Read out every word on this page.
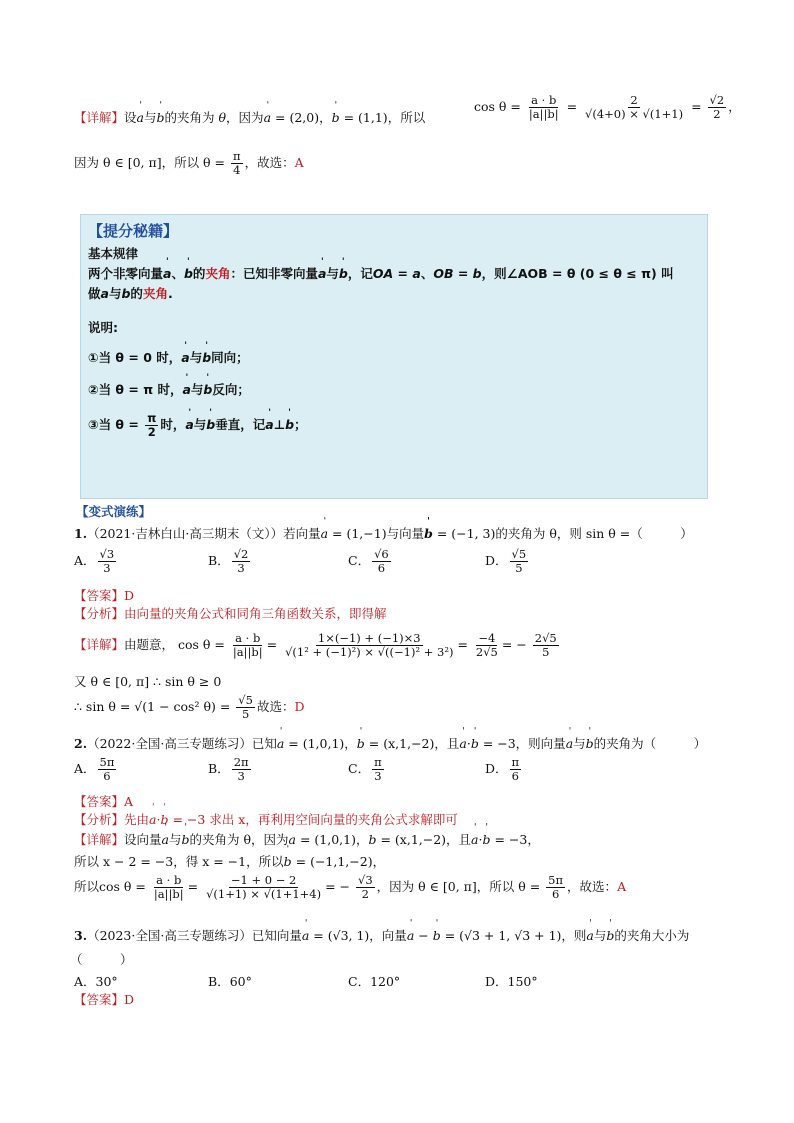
【详解】设' a与' b的夹角为 θ，因为' a = (2,0)，' b = (1,1)，所以
$\cos \theta = \frac{a \cdot b}{|a||b|} = \frac{2}{√(4+0) \times √(1+1)} = \frac{√2}{2}$ ，
因为 θ ∈ [0, π]，所以 $\theta = \frac{\pi}{4}$ ，故选：A
【提分秘籍】
基本规律
两个非零向量' a、' b的夹角：已知非零向量' a与' b，记OA = a、OB = b，则∠AOB = θ (0 ≤ θ ≤ π) 叫
做' a与' b的夹角.
说明:
①当 θ = 0 时，' a与' b同向；
②当 θ = π 时，' a与' b反向；
③当 $\theta = \frac{\pi}{2}$ 时，' a与' b垂直，记' a⊥' b；
【变式演练】
1.（2021·吉林白山·高三期末（文））若向量' a = (1,−1)与向量' b = (−1, 3)的夹角为 θ，则 sin θ =（　　　）
A． $\frac{√3}{3}$	B． $\frac{√2}{3}$	C． $\frac{√6}{6}$	D． $\frac{√5}{5}$
【答案】D
【分析】由向量的夹角公式和同角三角函数关系，即得解
【详解】由题意， $\cos \theta = \frac{a \cdot b}{|a||b|} = \frac{1\times(-1) + (-1)\times 3}{\text{√(1² + (−1)²) × √((−1)² + 3²)}} = \frac{-4}{2√5}$ = − $\frac{2√5}{5}$
又 θ ∈ [0, π] ∴ sin θ ≥ 0
∴ sin θ = √(1 − cos² $\theta) = \frac{√5}{5}$ 故选：D
2.（2022·全国·高三专题练习）已知' a = (1,0,1)，' b = (x,1,−2)，且' a·' b = −3，则向量' a与' b的夹角为（　　　）
A． $\frac{5\pi}{6}$	B． $\frac{2\pi}{3}$	C． $\frac{\pi}{3}$	D． $\frac{\pi}{6}$
【答案】A
【分析】先由' a·' b = −3 求出 x，再利用空间向量的夹角公式求解即可
【详解】设向量' a与' b的夹角为 θ，因为' a = (1,0,1)，' b = (x,1,−2)，且' a·' b = −3，
所以 x − 2 = −3，得 x = −1，所以' b = (−1,1,−2)，
所以$\cos \theta = \frac{a \cdot b}{|a||b|} = \frac{-1 + 0 - 2}{√(1+1) \times √(1+1+4)}$ = − $\frac{√3}{2}$ ，因为 θ ∈ [0, π]，所以 $\theta = \frac{5\pi}{6}$ ，故选：A
3.（2023·全国·高三专题练习）已知向量' a = (√3, 1)，向量' a − ' b = (√3 + 1, √3 + 1)，则' a与' b的夹角大小为
（　　　）
A．30°	B．60°	C．120°	D．150°
【答案】D
